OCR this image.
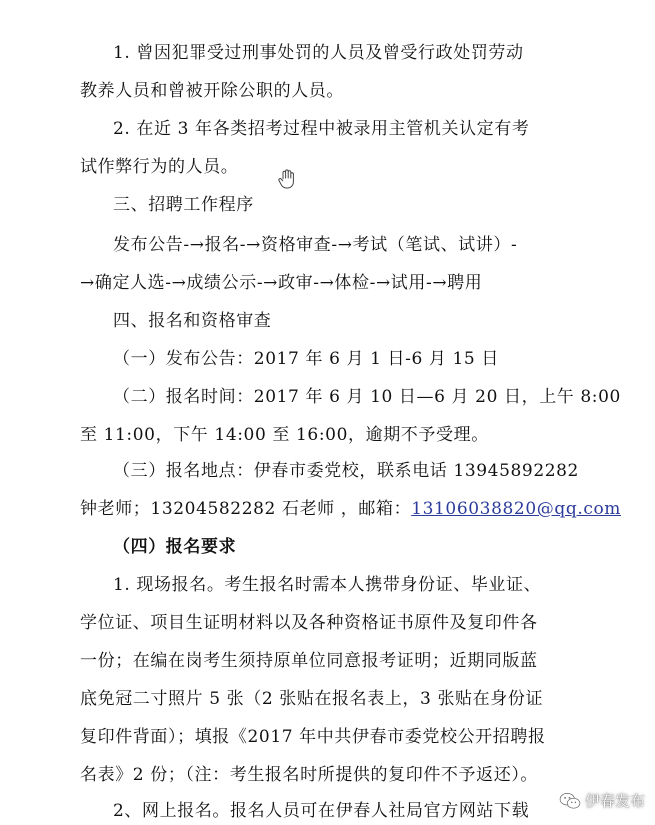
1. 曾因犯罪受过刑事处罚的人员及曾受行政处罚劳动
教养人员和曾被开除公职的人员。
2. 在近 3 年各类招考过程中被录用主管机关认定有考
试作弊行为的人员。
三、招聘工作程序
发布公告-→报名-→资格审查-→考试（笔试、试讲）-
→确定人选-→成绩公示-→政审-→体检-→试用-→聘用
四、报名和资格审查
（一）发布公告：2017 年 6 月 1 日-6 月 15 日
（二）报名时间：2017 年 6 月 10 日—6 月 20 日，上午 8:00
至 11:00，下午 14:00 至 16:00，逾期不予受理。
（三）报名地点：伊春市委党校，联系电话 13945892282
钟老师；13204582282 石老师 ，邮箱：13106038820@qq.com
（四）报名要求
1. 现场报名。考生报名时需本人携带身份证、毕业证、
学位证、项目生证明材料以及各种资格证书原件及复印件各
一份；在编在岗考生须持原单位同意报考证明；近期同版蓝
底免冠二寸照片 5 张（2 张贴在报名表上，3 张贴在身份证
复印件背面）；填报《2017 年中共伊春市委党校公开招聘报
名表》2 份；（注：考生报名时所提供的复印件不予返还）。
2、网上报名。报名人员可在伊春人社局官方网站下载	伊春发布
